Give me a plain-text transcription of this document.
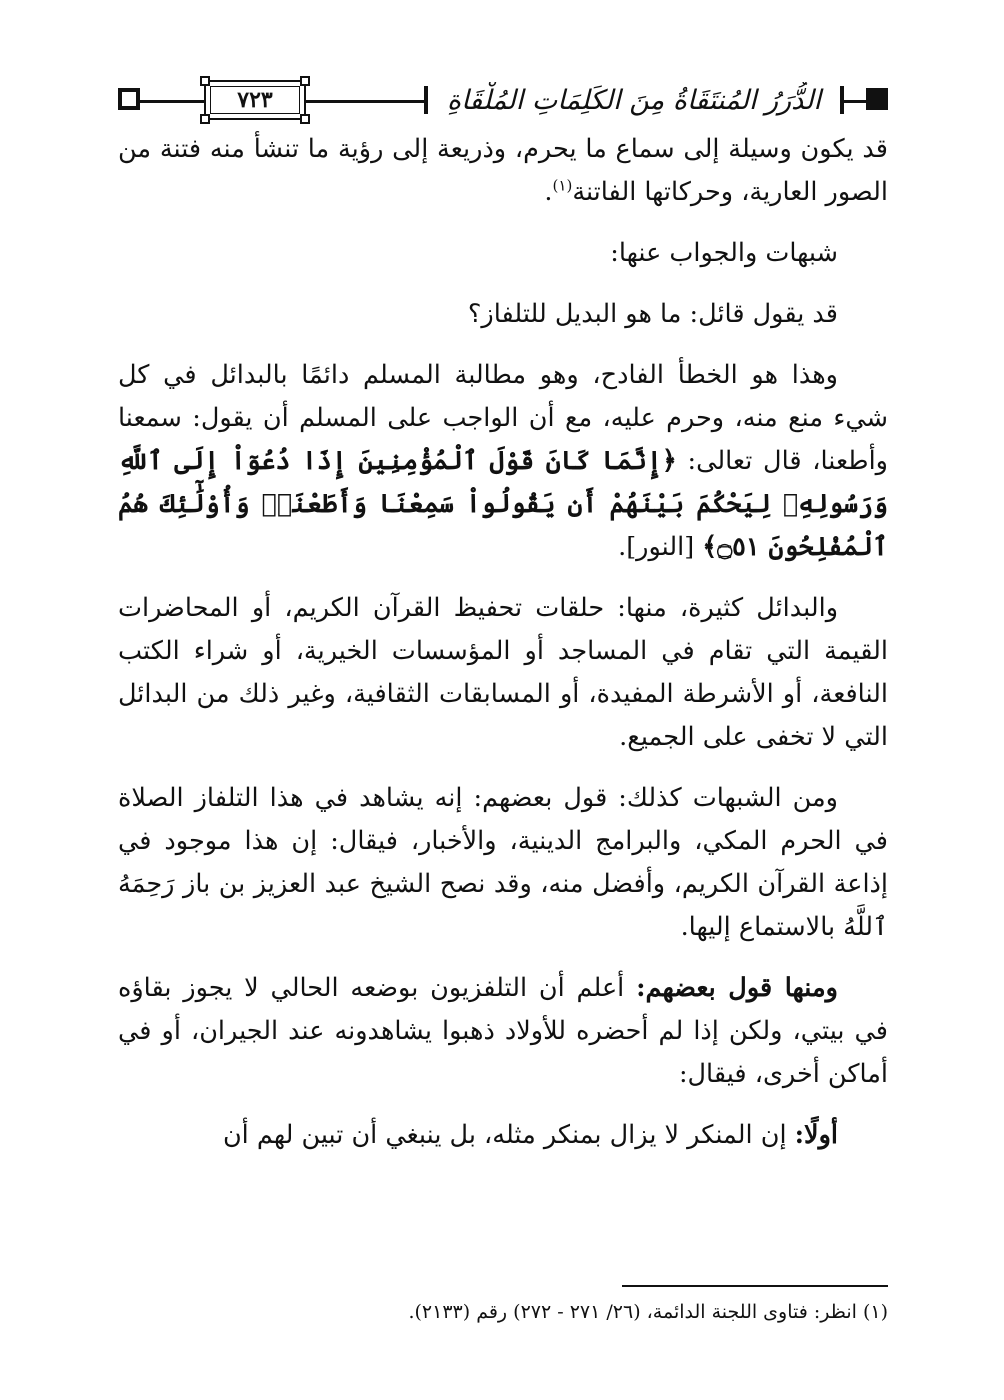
٧٢٣	الدُّرَرُ المُنتَقَاةُ مِنَ الكَلِمَاتِ المُلْقَاةِ

قد يكون وسيلة إلى سماع ما يحرم، وذريعة إلى رؤية ما تنشأ منه فتنة من الصور العارية، وحركاتها الفاتنة$^{(١)}$.

شبهات والجواب عنها:

قد يقول قائل: ما هو البديل للتلفاز؟

وهذا هو الخطأ الفادح، وهو مطالبة المسلم دائمًا بالبدائل في كل شيء منع منه، وحرم عليه، مع أن الواجب على المسلم أن يقول: سمعنا وأطعنا، قال تعالى: ﴿إِنَّمَا كَانَ قَوْلَ ٱلْمُؤْمِنِينَ إِذَا دُعُوٓاْ إِلَى ٱللَّهِ وَرَسُولِهِۦ لِيَحْكُمَ بَيْنَهُمْ أَن يَقُولُواْ سَمِعْنَا وَأَطَعْنَاۚ وَأُوْلَٰٓئِكَ هُمُ ٱلْمُفْلِحُونَ ۝٥١﴾ [النور].

والبدائل كثيرة، منها: حلقات تحفيظ القرآن الكريم، أو المحاضرات القيمة التي تقام في المساجد أو المؤسسات الخيرية، أو شراء الكتب النافعة، أو الأشرطة المفيدة، أو المسابقات الثقافية، وغير ذلك من البدائل التي لا تخفى على الجميع.

ومن الشبهات كذلك: قول بعضهم: إنه يشاهد في هذا التلفاز الصلاة في الحرم المكي، والبرامج الدينية، والأخبار، فيقال: إن هذا موجود في إذاعة القرآن الكريم، وأفضل منه، وقد نصح الشيخ عبد العزيز بن باز رَحِمَهُ ٱللَّهُ بالاستماع إليها.

ومنها قول بعضهم: أعلم أن التلفزيون بوضعه الحالي لا يجوز بقاؤه في بيتي، ولكن إذا لم أحضره للأولاد ذهبوا يشاهدونه عند الجيران، أو في أماكن أخرى، فيقال:

أولًا: إن المنكر لا يزال بمنكر مثله، بل ينبغي أن تبين لهم أن

(١) انظر: فتاوى اللجنة الدائمة، (٢٦/ ٢٧١ - ٢٧٢) رقم (٢١٣٣).
